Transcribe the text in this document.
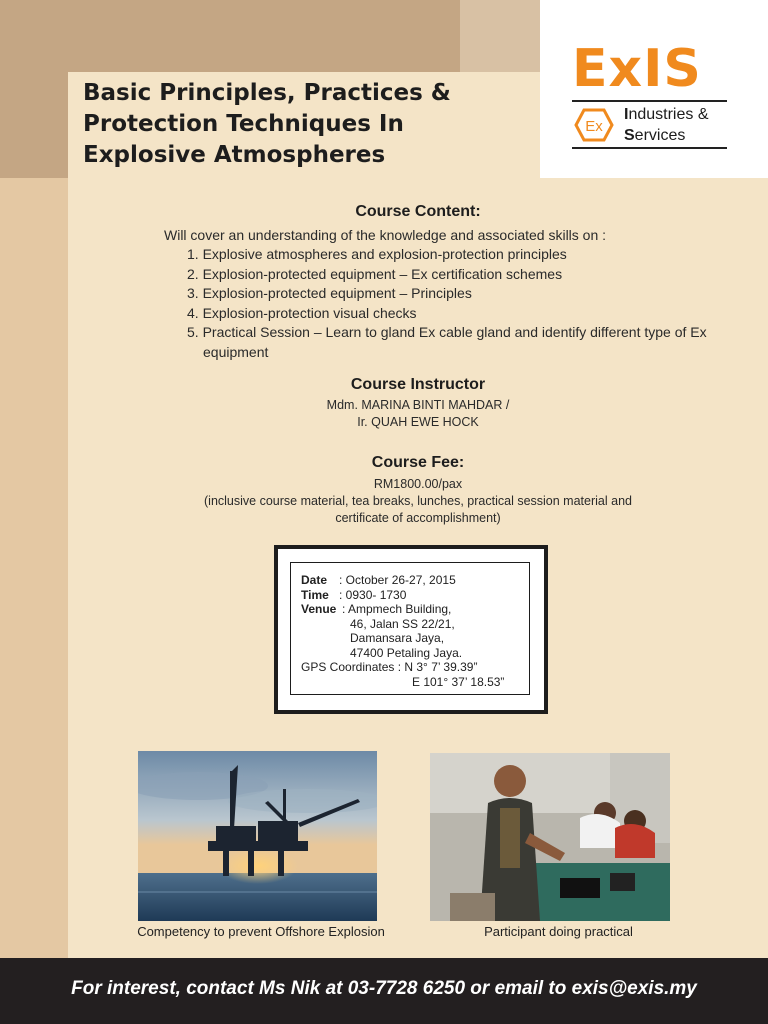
Basic Principles, Practices &
Protection Techniques In
Explosive Atmospheres
ExIS
Ex
Industries &
Services
Course Content:
Will cover an understanding of the knowledge and associated skills on :
1. Explosive atmospheres and explosion-protection principles
2. Explosion-protected equipment – Ex certification schemes
3. Explosion-protected equipment – Principles
4. Explosion-protection visual checks
5. Practical Session – Learn to gland Ex cable gland and identify different type of Ex equipment
Course Instructor
Mdm. MARINA BINTI MAHDAR /
Ir. QUAH EWE HOCK
Course Fee:
RM1800.00/pax
(inclusive course material, tea breaks, lunches, practical session material and
certificate of accomplishment)
Date : October 26-27, 2015
Time : 0930- 1730
Venue : Ampmech Building,
46, Jalan SS 22/21,
Damansara Jaya,
47400 Petaling Jaya.
GPS Coordinates : N 3° 7’ 39.39”
E 101° 37’ 18.53”
Competency to prevent Offshore Explosion	Participant doing practical
For interest, contact Ms Nik at 03-7728 6250 or email to exis@exis.my
